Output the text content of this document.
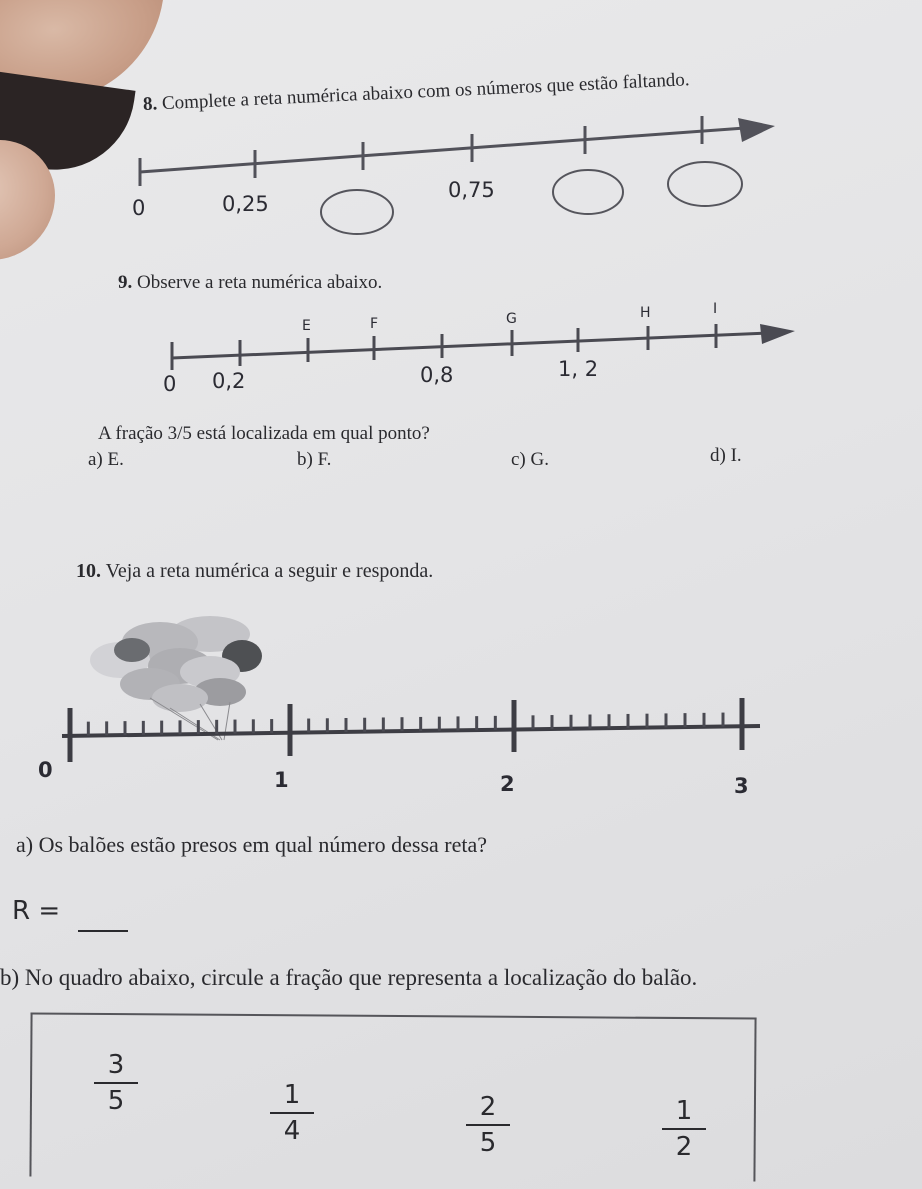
8. Complete a reta numérica abaixo com os números que estão faltando.
0	0,25
0,75
9. Observe a reta numérica abaixo.
E	F	G	H	I
0 0,2	0,8	1, 2
A fração 3/5 está localizada em qual ponto?
a) E.	b) F.	c) G.	d) I.
10. Veja a reta numérica a seguir e responda.
0	1	2	3
a) Os balões estão presos em qual número dessa reta?
R =
b) No quadro abaixo, circule a fração que representa a localização do balão.
3
5	1
4
2
5
1
2
